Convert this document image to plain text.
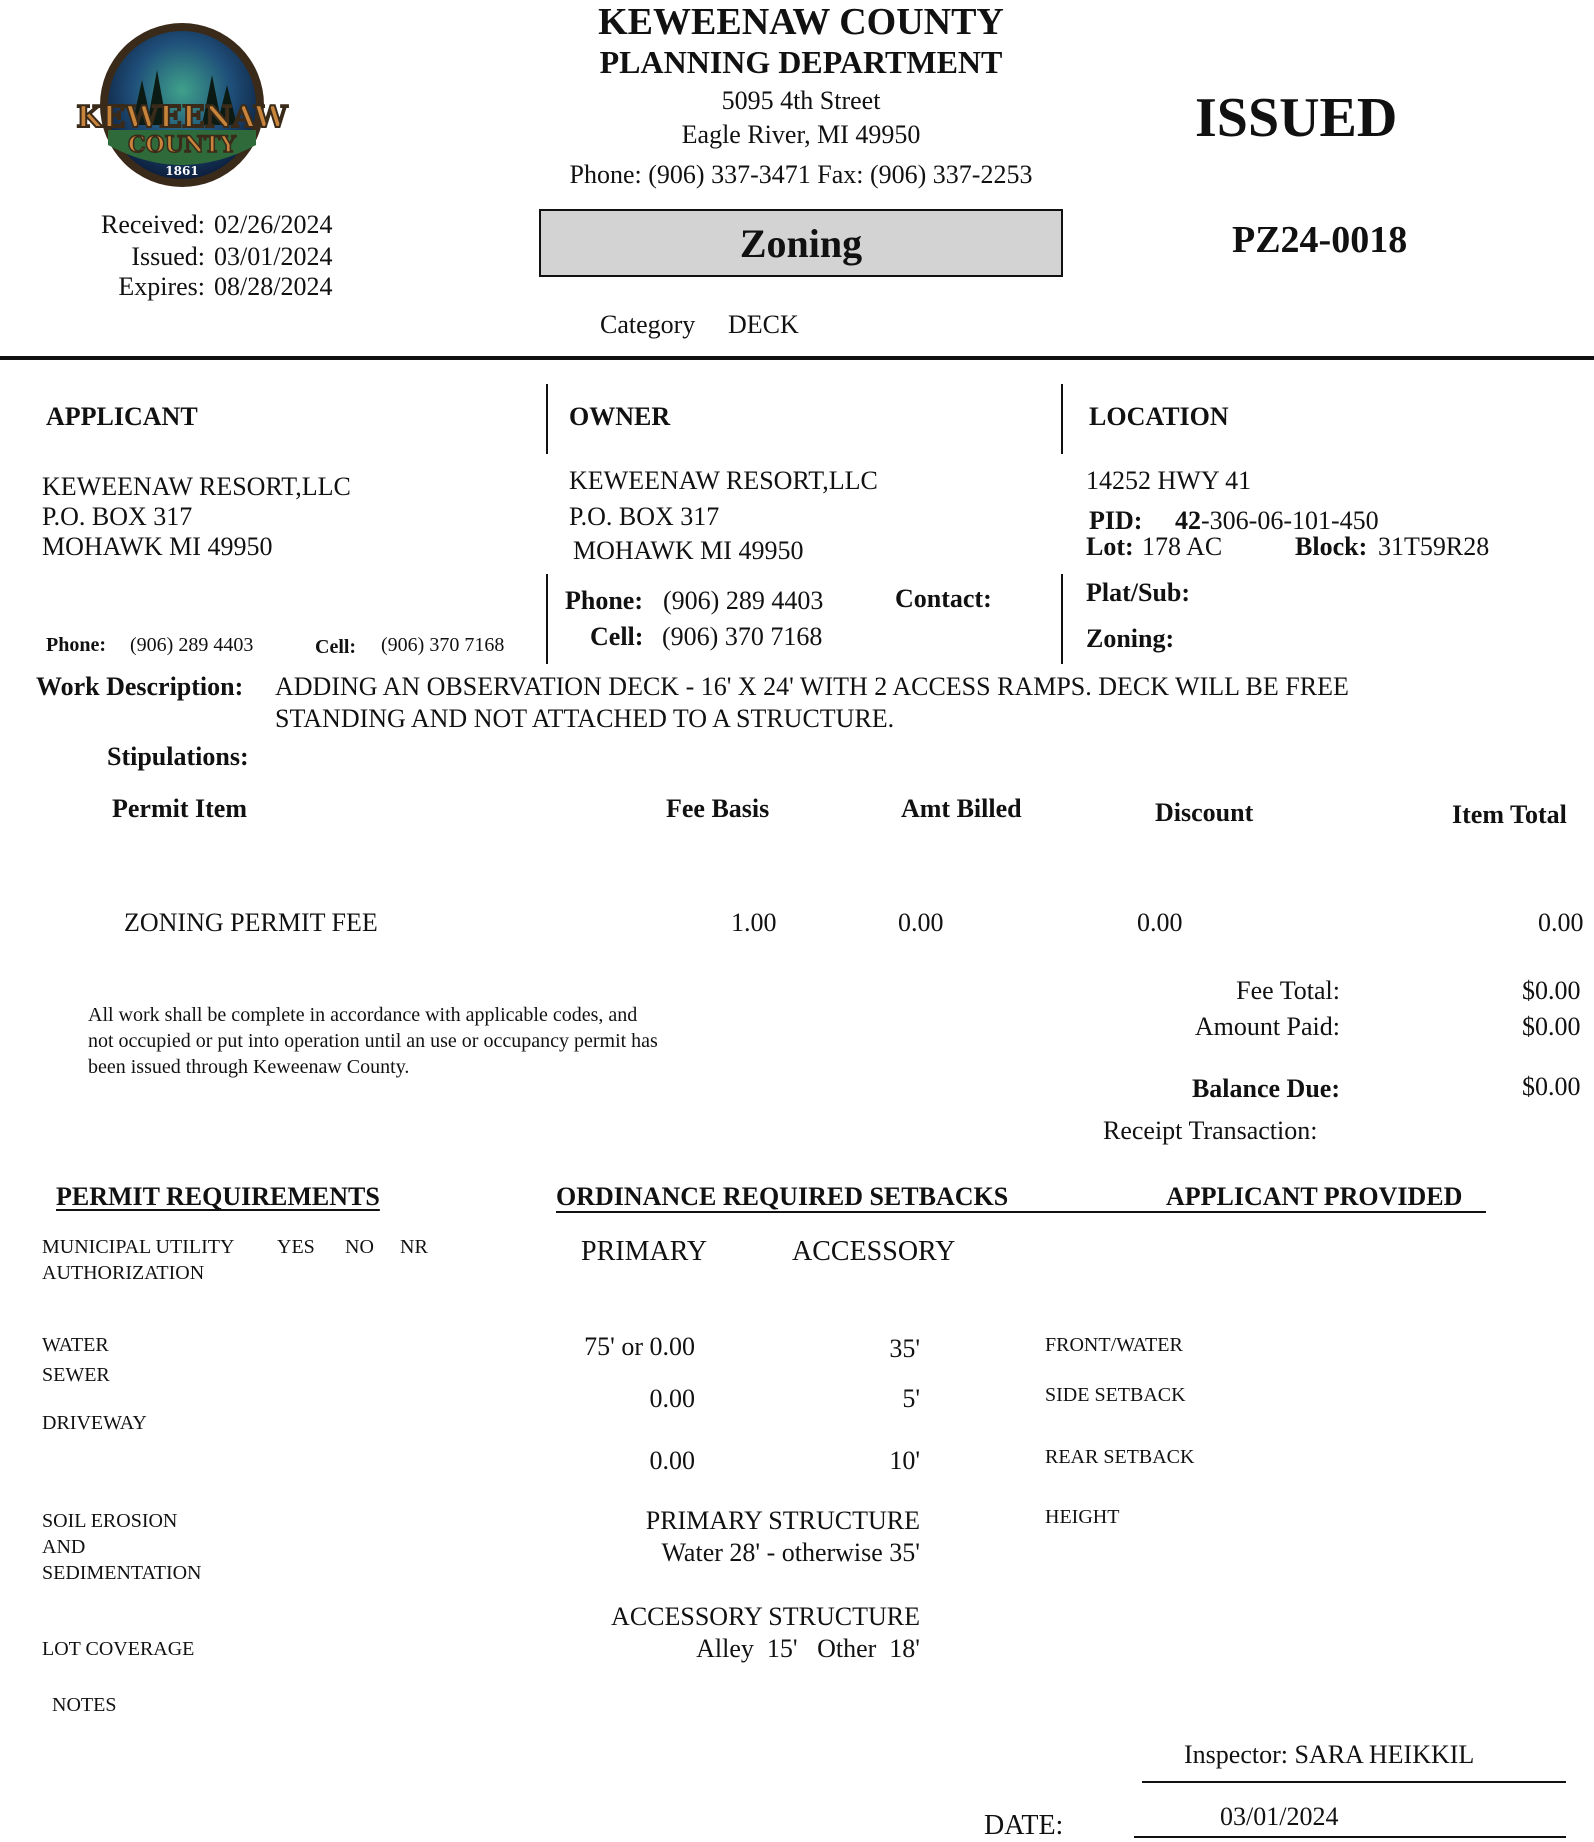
KEWEENAW
COUNTY
1861
KEWEENAW COUNTY
PLANNING DEPARTMENT
5095 4th Street
Eagle River, MI 49950
Phone: (906) 337-3471 Fax: (906) 337-2253
Zoning
Category DECK
ISSUED
PZ24-0018
Received: 02/26/2024
Issued: 03/01/2024
Expires: 08/28/2024
APPLICANT
KEWEENAW RESORT,LLC
P.O. BOX 317
MOHAWK MI 49950
Phone: (906) 289 4403	Cell: (906) 370 7168
OWNER
KEWEENAW RESORT,LLC
P.O. BOX 317
MOHAWK MI 49950
Phone: (906) 289 4403	Contact:
Cell: (906) 370 7168
LOCATION
14252 HWY 41
PID: 42-306-06-101-450
Lot: 178 AC	Block: 31T59R28
Plat/Sub:
Zoning:
Work Description: ADDING AN OBSERVATION DECK - 16' X 24' WITH 2 ACCESS RAMPS. DECK WILL BE FREE
STANDING AND NOT ATTACHED TO A STRUCTURE.
Stipulations:
Permit Item	Fee Basis	Amt Billed	Discount	Item Total
ZONING PERMIT FEE	1.00	0.00	0.00	0.00
All work shall be complete in accordance with applicable codes, and
not occupied or put into operation until an use or occupancy permit has
been issued through Keweenaw County.
Fee Total:	$0.00
Amount Paid:	$0.00
Balance Due:	$0.00
Receipt Transaction:
PERMIT REQUIREMENTS
MUNICIPAL UTILITY
AUTHORIZATION
YES NO NR
WATER
SEWER
DRIVEWAY
SOIL EROSION
AND
SEDIMENTATION
LOT COVERAGE
NOTES
ORDINANCE REQUIRED SETBACKS	APPLICANT PROVIDED
PRIMARY	ACCESSORY
75' or 0.00	35'	FRONT/WATER
0.00	5'	SIDE SETBACK
0.00	10'	REAR SETBACK
PRIMARY STRUCTURE
Water 28' - otherwise 35'
HEIGHT
ACCESSORY STRUCTURE
Alley  15'   Other  18'
Inspector: SARA HEIKKIL
03/01/2024
DATE:
